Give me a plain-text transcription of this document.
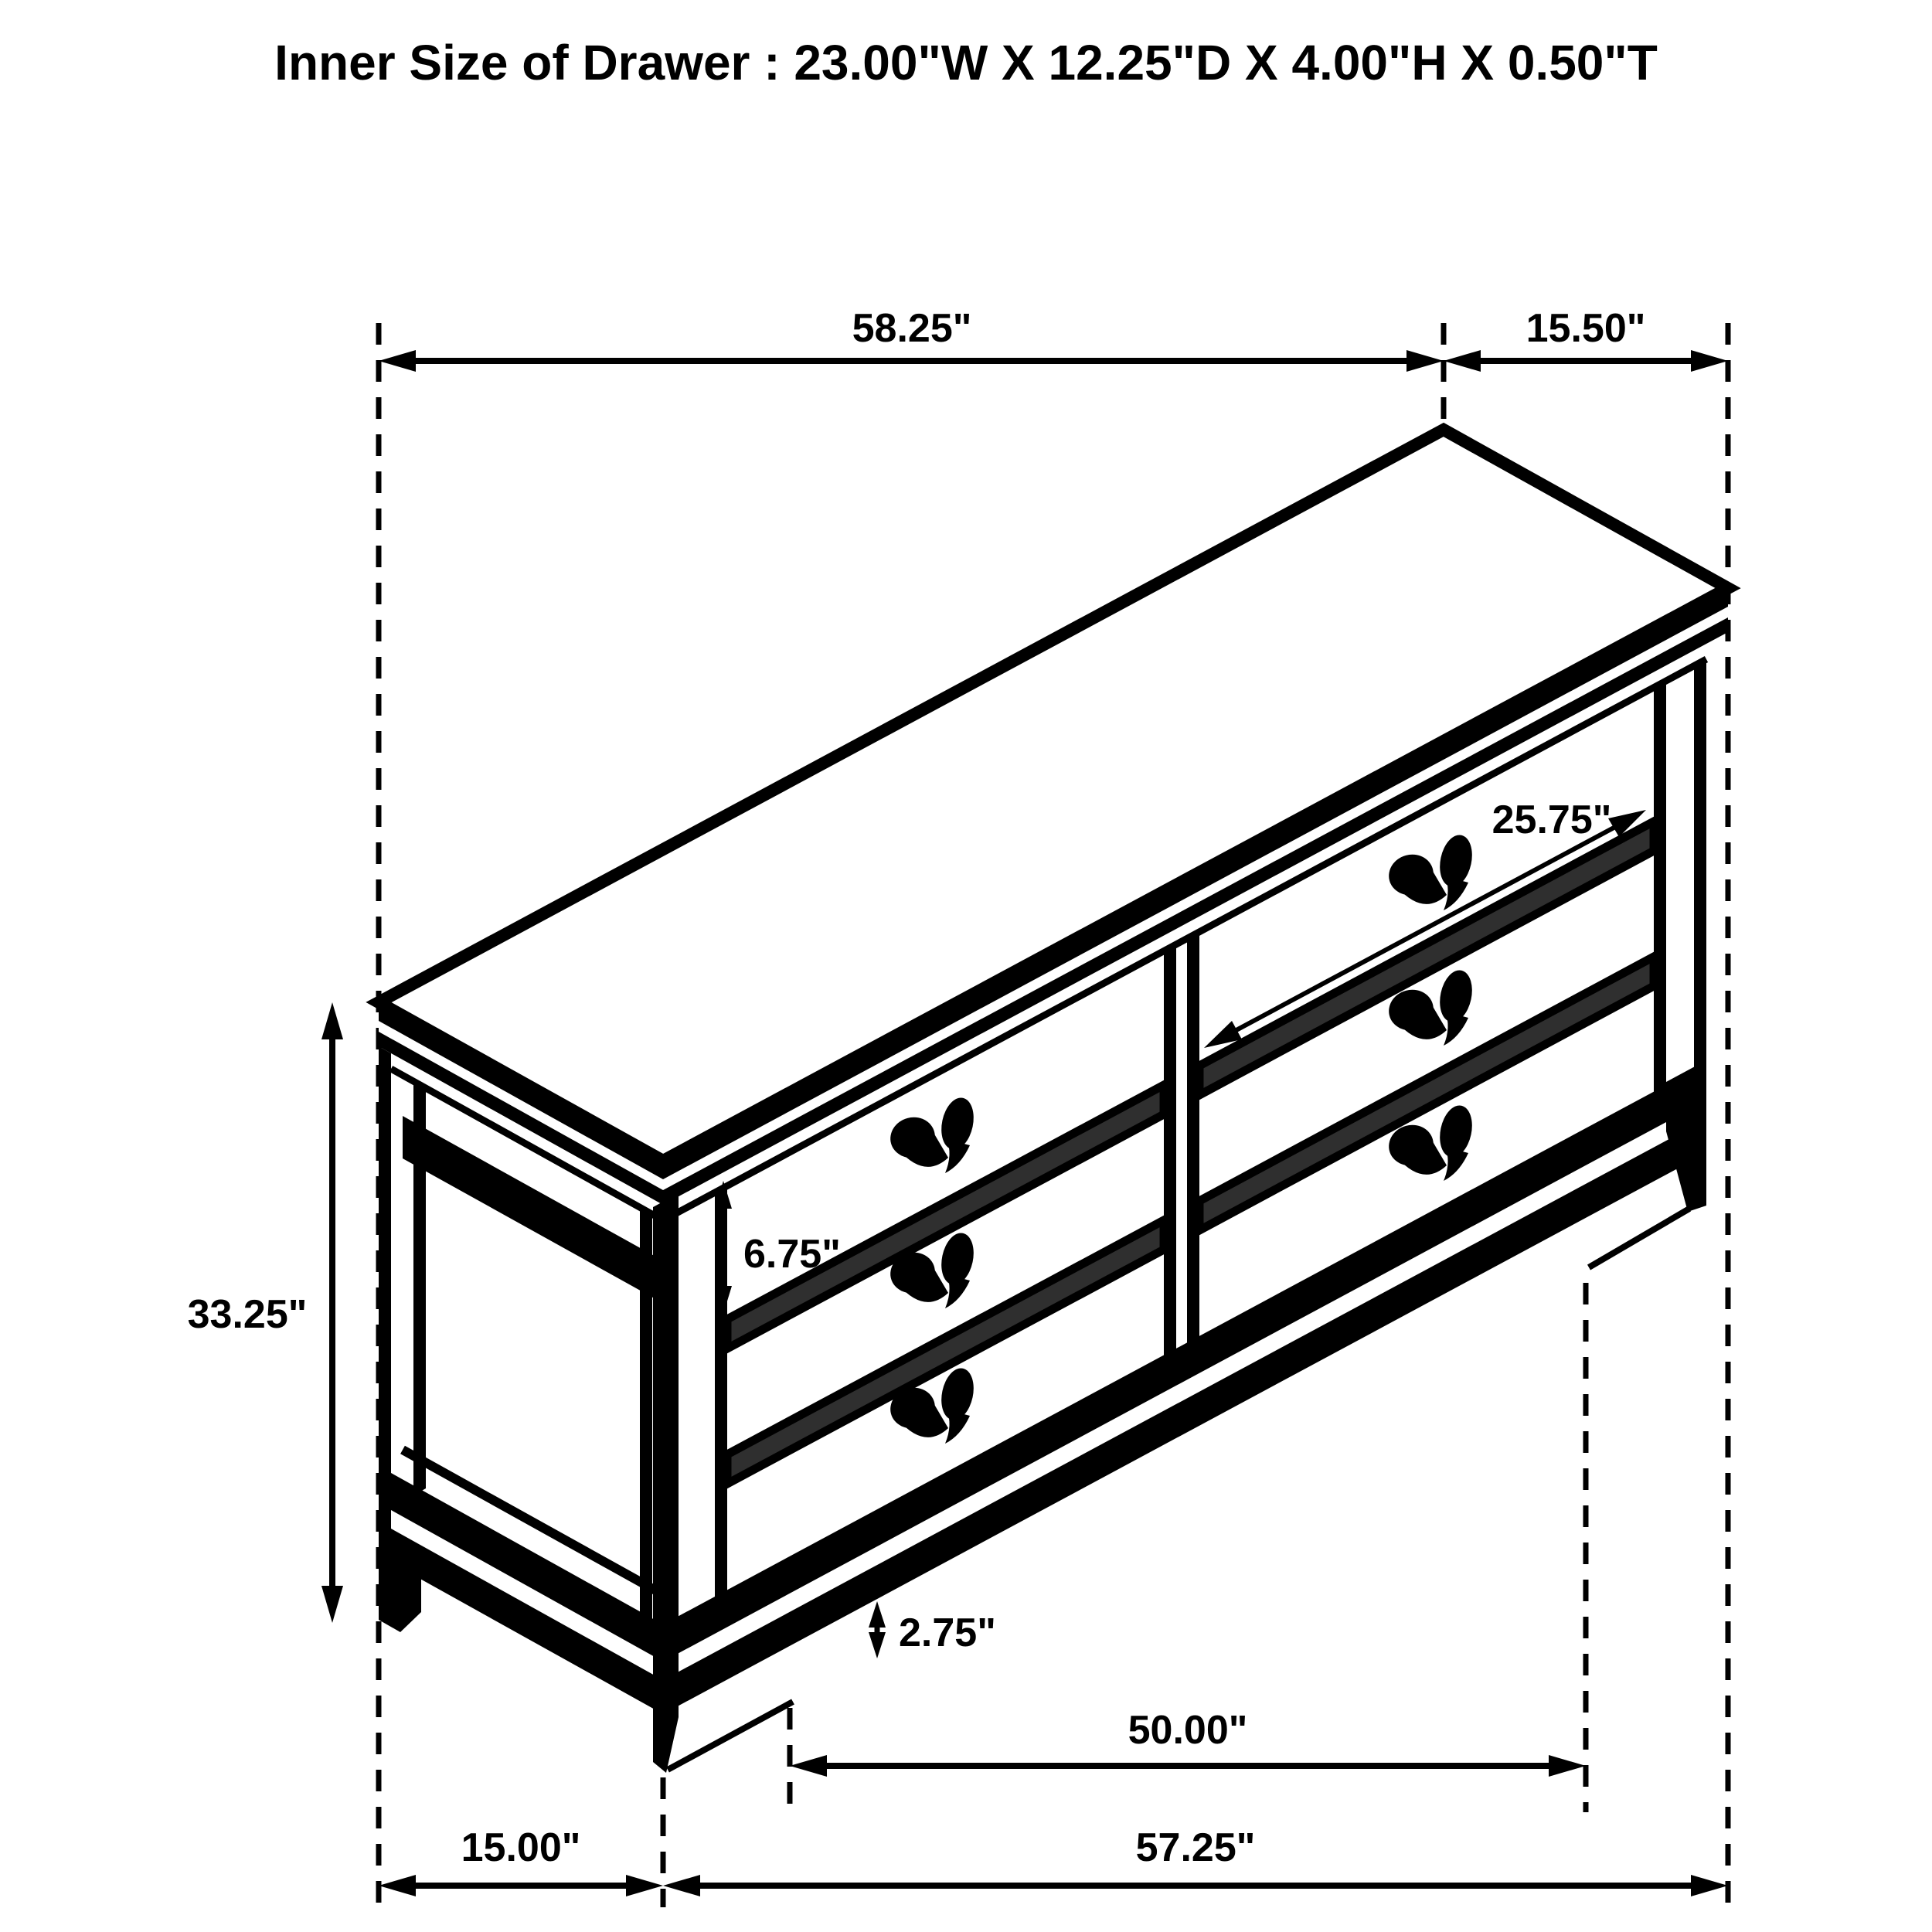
58.25"	15.50"
33.25"
25.75"
6.75"
2.75"
50.00"
15.00"	57.25"
Inner Size of Drawer : 23.00"W X 12.25"D X 4.00"H X 0.50"T
